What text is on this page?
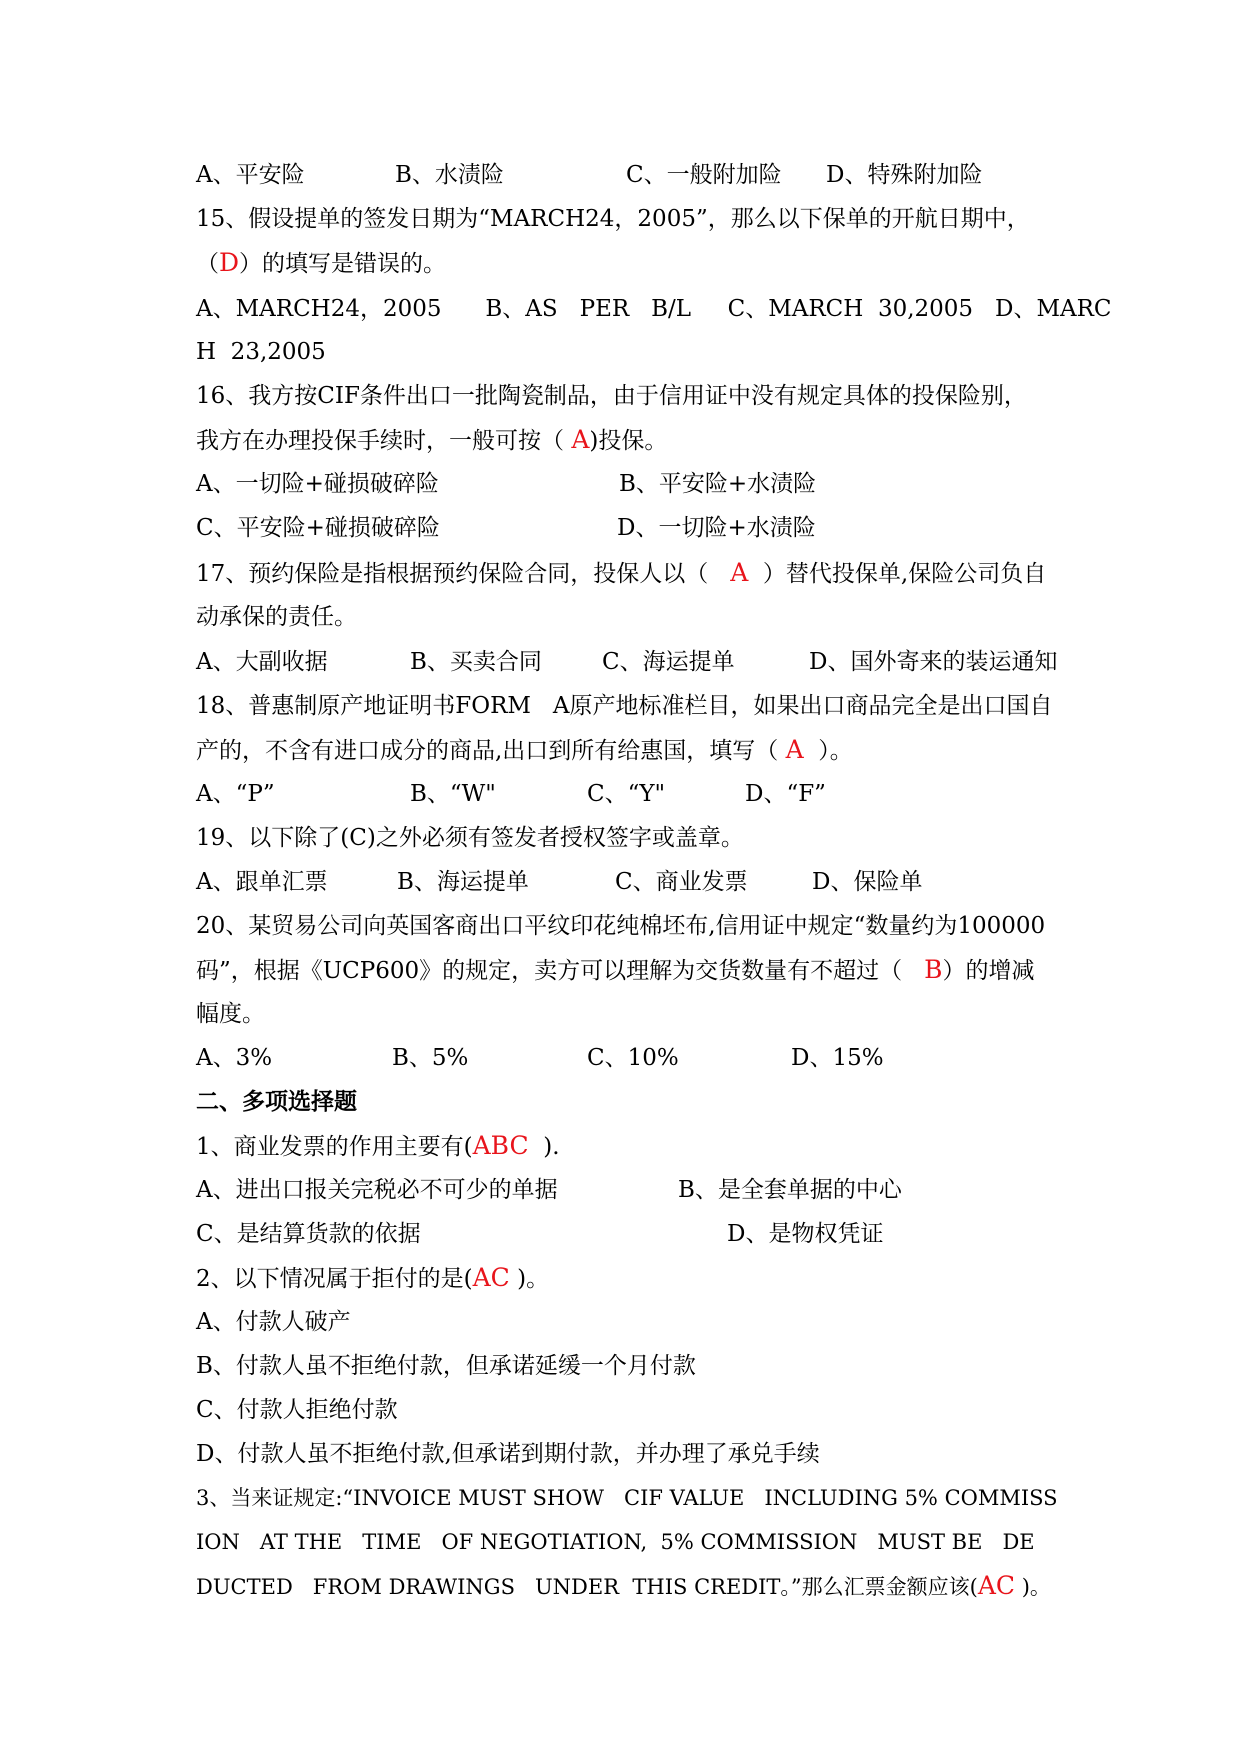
A、平安险	B、水渍险	C、一般附加险 D、特殊附加险
15、假设提单的签发日期为“MARCH24，2005”，那么以下保单的开航日期中，
（D）的填写是错误的。
A、MARCH24，2005      B、AS   PER   B/L     C、MARCH  30,2005   D、MARC
H  23,2005
16、我方按CIF条件出口一批陶瓷制品，由于信用证中没有规定具体的投保险别，
我方在办理投保手续时，一般可按（ A)投保。
A、一切险+碰损破碎险	B、平安险+水渍险
C、平安险+碰损破碎险	D、一切险+水渍险
17、预约保险是指根据预约保险合同，投保人以（   A  ）替代投保单,保险公司负自
动承保的责任。
A、大副收据	B、买卖合同	C、海运提单	D、国外寄来的装运通知
18、普惠制原产地证明书FORM   A原产地标准栏目，如果出口商品完全是出口国自
产的，不含有进口成分的商品,出口到所有给惠国，填写（ A  ）。
A、“P”	B、“W"	C、“Y"	D、“F”
19、以下除了(C)之外必须有签发者授权签字或盖章。
A、跟单汇票	B、海运提单	C、商业发票	D、保险单
20、某贸易公司向英国客商出口平纹印花纯棉坯布,信用证中规定“数量约为100000
码”，根据《UCP600》的规定，卖方可以理解为交货数量有不超过（   B）的增减
幅度。
A、3%	B、5%	C、10%	D、15%
二、多项选择题
1、商业发票的作用主要有(ABC  ).
A、进出口报关完税必不可少的单据	B、是全套单据的中心
C、是结算货款的依据	D、是物权凭证
2、以下情况属于拒付的是(AC )。
A、付款人破产
B、付款人虽不拒绝付款，但承诺延缓一个月付款
C、付款人拒绝付款
D、付款人虽不拒绝付款,但承诺到期付款，并办理了承兑手续
3、当来证规定:“INVOICE MUST SHOW   CIF VALUE   INCLUDING 5% COMMISS
ION   AT THE   TIME   OF NEGOTIATION,  5% COMMISSION   MUST BE   DE
DUCTED   FROM DRAWINGS   UNDER  THIS CREDIT。”那么汇票金额应该(AC )。
